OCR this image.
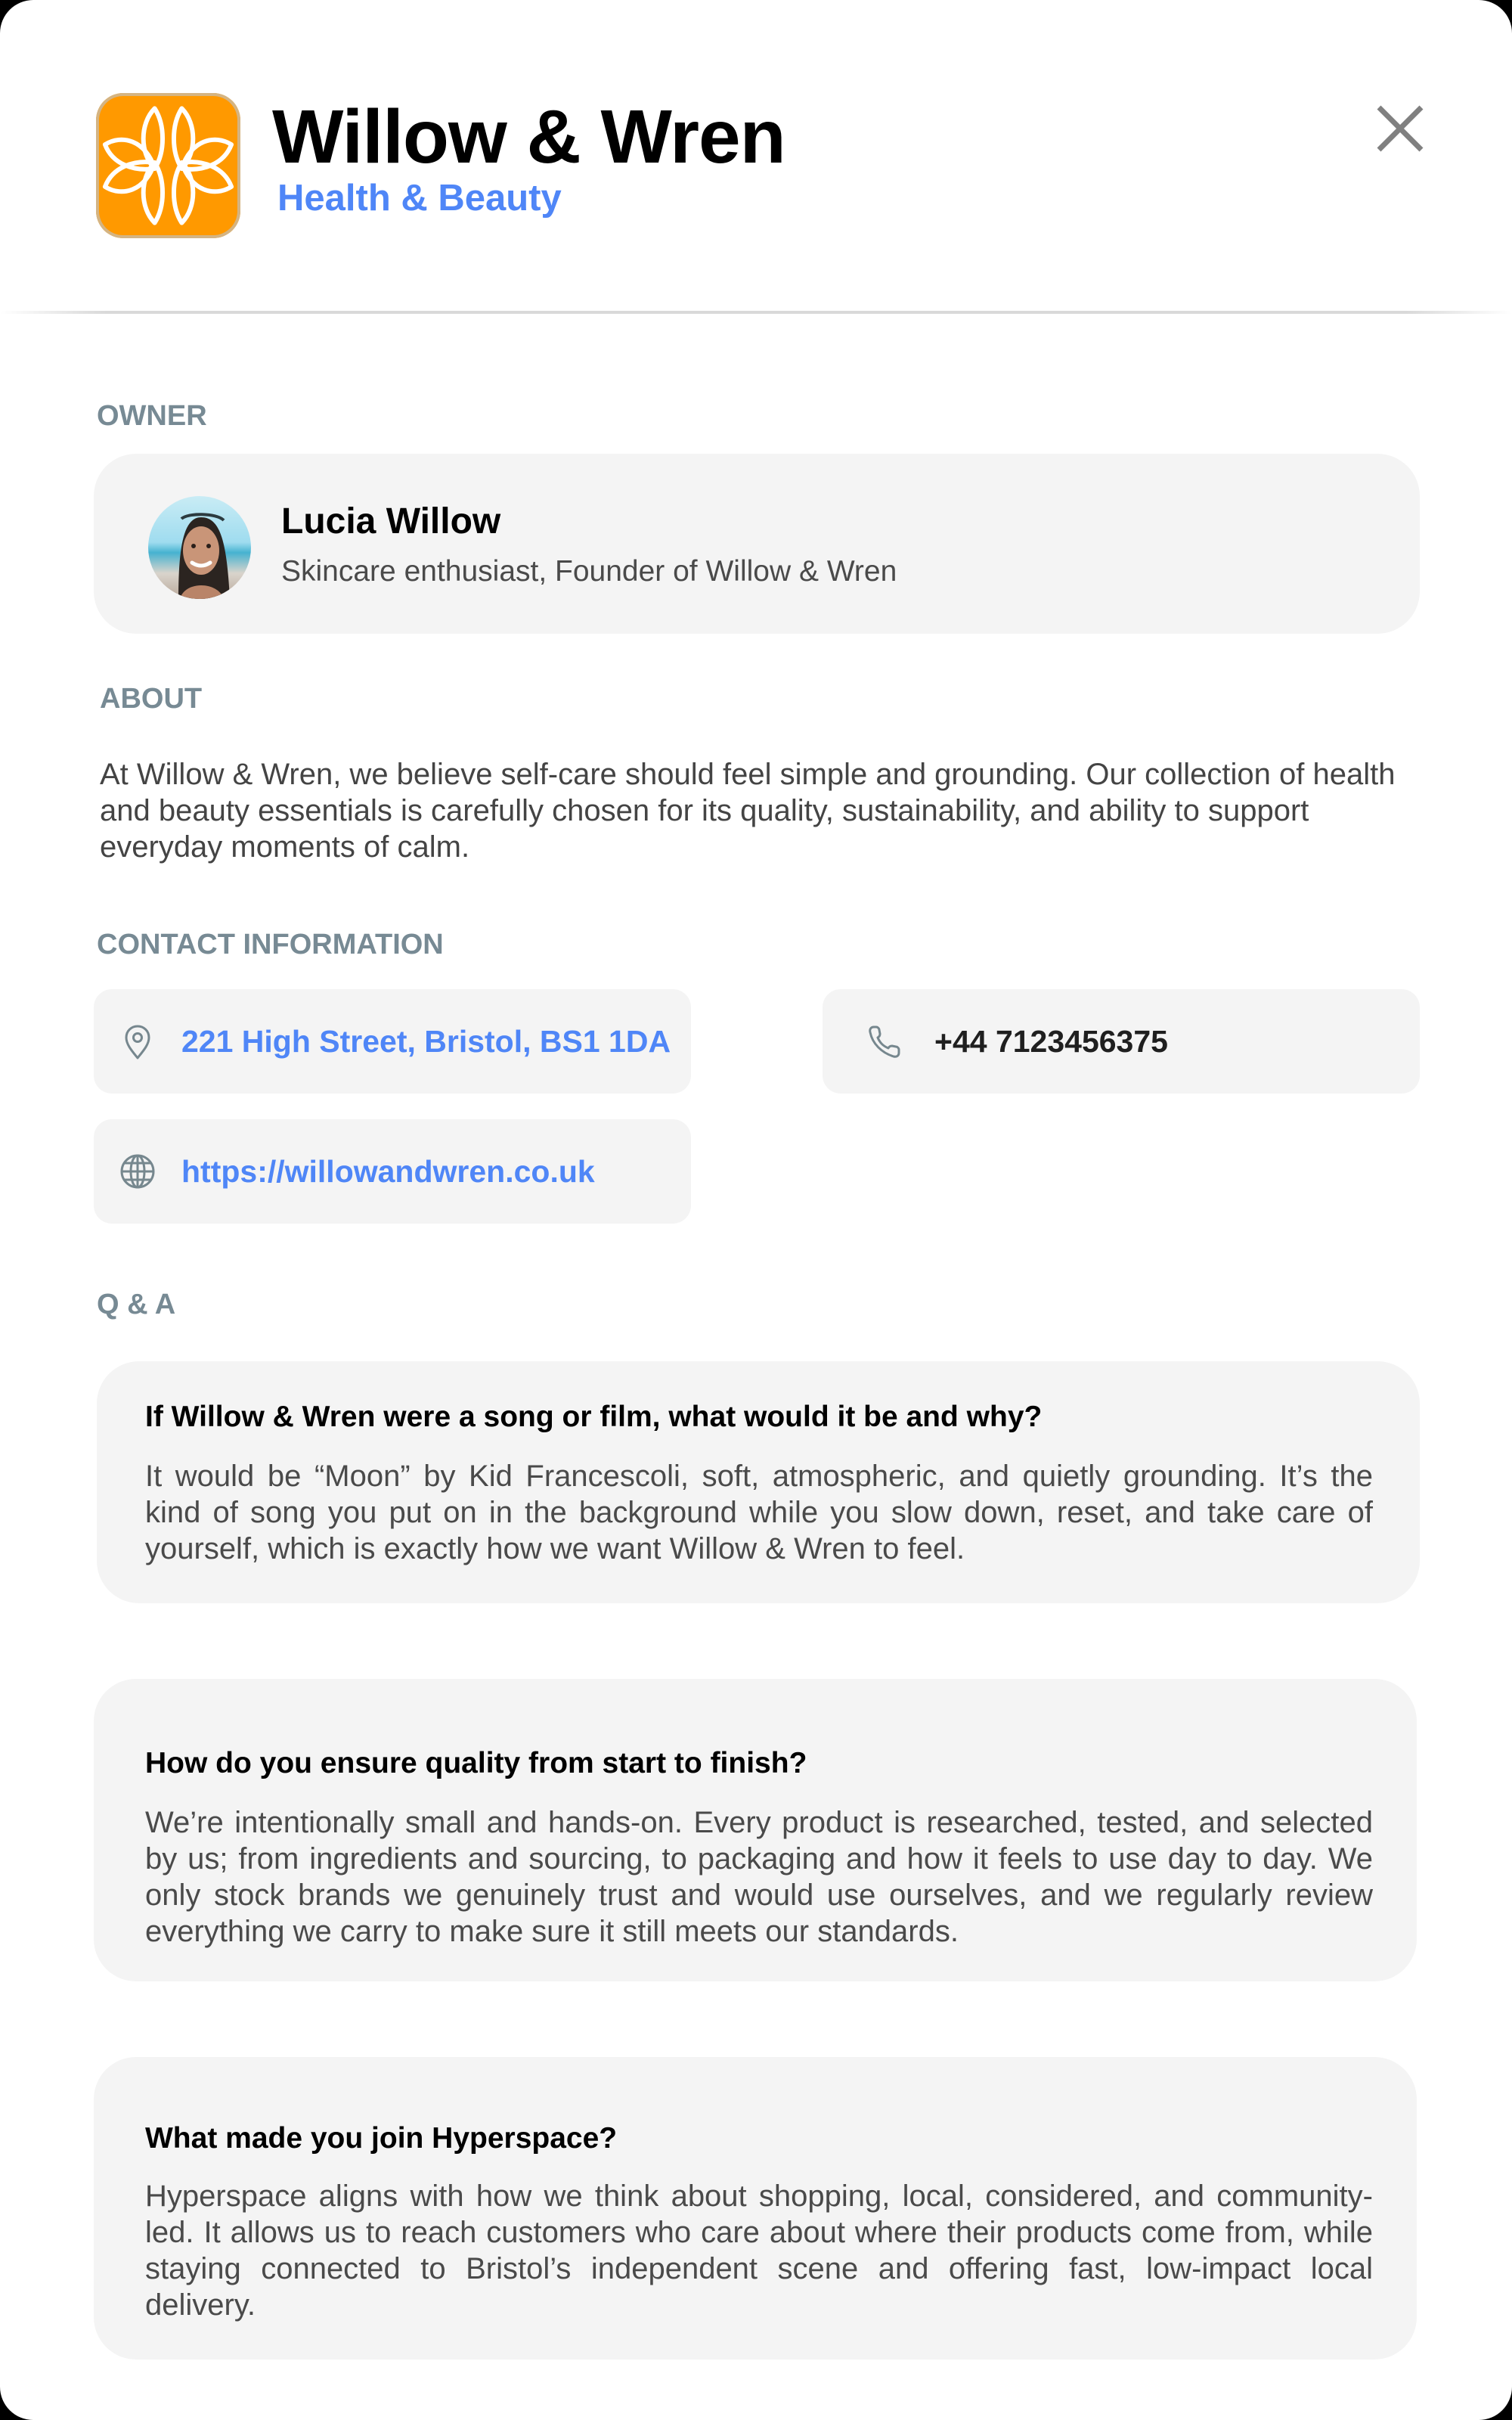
Willow & Wren
Health & Beauty
OWNER
Lucia Willow
Skincare enthusiast, Founder of Willow & Wren
ABOUT
At Willow & Wren, we believe self-care should feel simple and grounding. Our collection of health and beauty essentials is carefully chosen for its quality, sustainability, and ability to support everyday moments of calm.
CONTACT INFORMATION
221 High Street, Bristol, BS1 1DA	+44 7123456375
https://willowandwren.co.uk
Q & A
If Willow & Wren were a song or film, what would it be and why?
It would be “Moon” by Kid Francescoli, soft, atmospheric, and quietly grounding. It’s the kind of song you put on in the background while you slow down, reset, and take care of yourself, which is exactly how we want Willow & Wren to feel.
How do you ensure quality from start to finish?
We’re intentionally small and hands-on. Every product is researched, tested, and selected by us; from ingredients and sourcing, to packaging and how it feels to use day to day. We only stock brands we genuinely trust and would use ourselves, and we regularly review everything we carry to make sure it still meets our standards.
What made you join Hyperspace?
Hyperspace aligns with how we think about shopping, local, considered, and community-led. It allows us to reach customers who care about where their products come from, while staying connected to Bristol’s independent scene and offering fast, low-impact local delivery.
